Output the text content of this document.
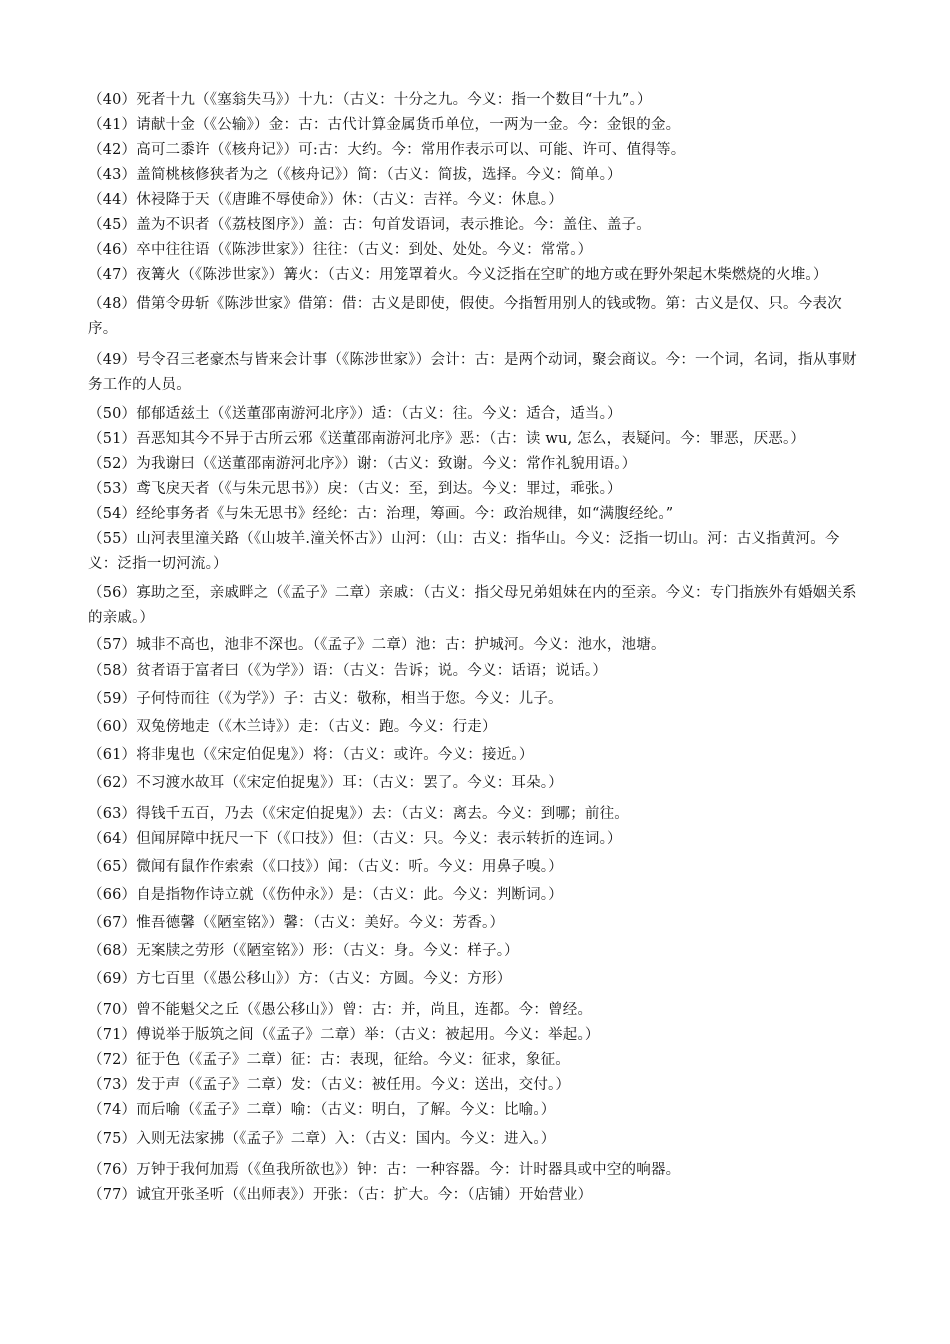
（40）死者十九（《塞翁失马》）十九：（古义：十分之九。今义：指一个数目“十九”。）

（41）请献十金（《公输》）金：古：古代计算金属货币单位，一两为一金。今：金银的金。

（42）高可二黍许（《核舟记》）可:古：大约。今：常用作表示可以、可能、许可、值得等。

（43）盖简桃核修狭者为之（《核舟记》）简：（古义：简拔，选择。今义：简单。）

（44）休祲降于天（《唐雎不辱使命》）休：（古义：吉祥。今义：休息。）

（45）盖为不识者（《荔枝图序》）盖：古：句首发语词，表示推论。今：盖住、盖子。

（46）卒中往往语（《陈涉世家》）往往：（古义：到处、处处。今义：常常。）

（47）夜篝火（《陈涉世家》）篝火：（古义：用笼罩着火。今义泛指在空旷的地方或在野外架起木柴燃烧的火堆。）

（48）借第令毋斩《陈涉世家》借第：借：古义是即使，假使。今指暂用别人的钱或物。第：古义是仅、只。今表次序。

（49）号令召三老豪杰与皆来会计事（《陈涉世家》）会计：古：是两个动词，聚会商议。今：一个词，名词，指从事财务工作的人员。

（50）郁郁适兹土（《送董邵南游河北序》）适：（古义：往。今义：适合，适当。）

（51）吾恶知其今不异于古所云邪《送董邵南游河北序》恶：（古：读 wu, 怎么，表疑问。今：罪恶，厌恶。）

（52）为我谢曰（《送董邵南游河北序》）谢：（古义：致谢。今义：常作礼貌用语。）

（53）鸢飞戾天者（《与朱元思书》）戾：（古义：至，到达。今义：罪过，乖张。）

（54）经纶事务者《与朱无思书》经纶：古：治理，筹画。今：政治规律，如“满腹经纶。”

（55）山河表里潼关路（《山坡羊.潼关怀古》）山河：（山：古义：指华山。今义：泛指一切山。河：古义指黄河。今义：泛指一切河流。）

（56）寡助之至，亲戚畔之（《孟子》二章）亲戚：（古义：指父母兄弟姐妹在内的至亲。今义：专门指族外有婚姻关系的亲戚。）

（57）城非不高也，池非不深也。（《孟子》二章）池：古：护城河。今义：池水，池塘。

（58）贫者语于富者曰（《为学》）语：（古义：告诉；说。今义：话语；说话。）

（59）子何恃而往（《为学》）子：古义：敬称，相当于您。今义：儿子。

（60）双兔傍地走（《木兰诗》）走：（古义：跑。今义：行走）

（61）将非鬼也（《宋定伯促鬼》）将：（古义：或许。今义：接近。）

（62）不习渡水故耳（《宋定伯捉鬼》）耳：（古义：罢了。今义：耳朵。）

（63）得钱千五百，乃去（《宋定伯捉鬼》）去：（古义：离去。今义：到哪；前往。

（64）但闻屏障中抚尺一下（《口技》）但：（古义：只。今义：表示转折的连词。）

（65）微闻有鼠作作索索（《口技》）闻：（古义：听。今义：用鼻子嗅。）

（66）自是指物作诗立就（《伤仲永》）是：（古义：此。今义：判断词。）

（67）惟吾德馨（《陋室铭》）馨：（古义：美好。今义：芳香。）

（68）无案牍之劳形（《陋室铭》）形：（古义：身。今义：样子。）

（69）方七百里（《愚公移山》）方：（古义：方圆。今义：方形）

（70）曾不能魁父之丘（《愚公移山》）曾：古：并，尚且，连都。今：曾经。

（71）傅说举于版筑之间（《孟子》二章）举：（古义：被起用。今义：举起。）

（72）征于色（《孟子》二章）征：古：表现，征给。今义：征求，象征。

（73）发于声（《孟子》二章）发：（古义：被任用。今义：送出，交付。）

（74）而后喻（《孟子》二章）喻：（古义：明白，了解。今义：比喻。）

（75）入则无法家拂（《孟子》二章）入：（古义：国内。今义：进入。）

（76）万钟于我何加焉（《鱼我所欲也》）钟：古：一种容器。今：计时器具或中空的响器。

（77）诚宜开张圣听（《出师表》）开张：（古：扩大。今：（店铺）开始营业）
